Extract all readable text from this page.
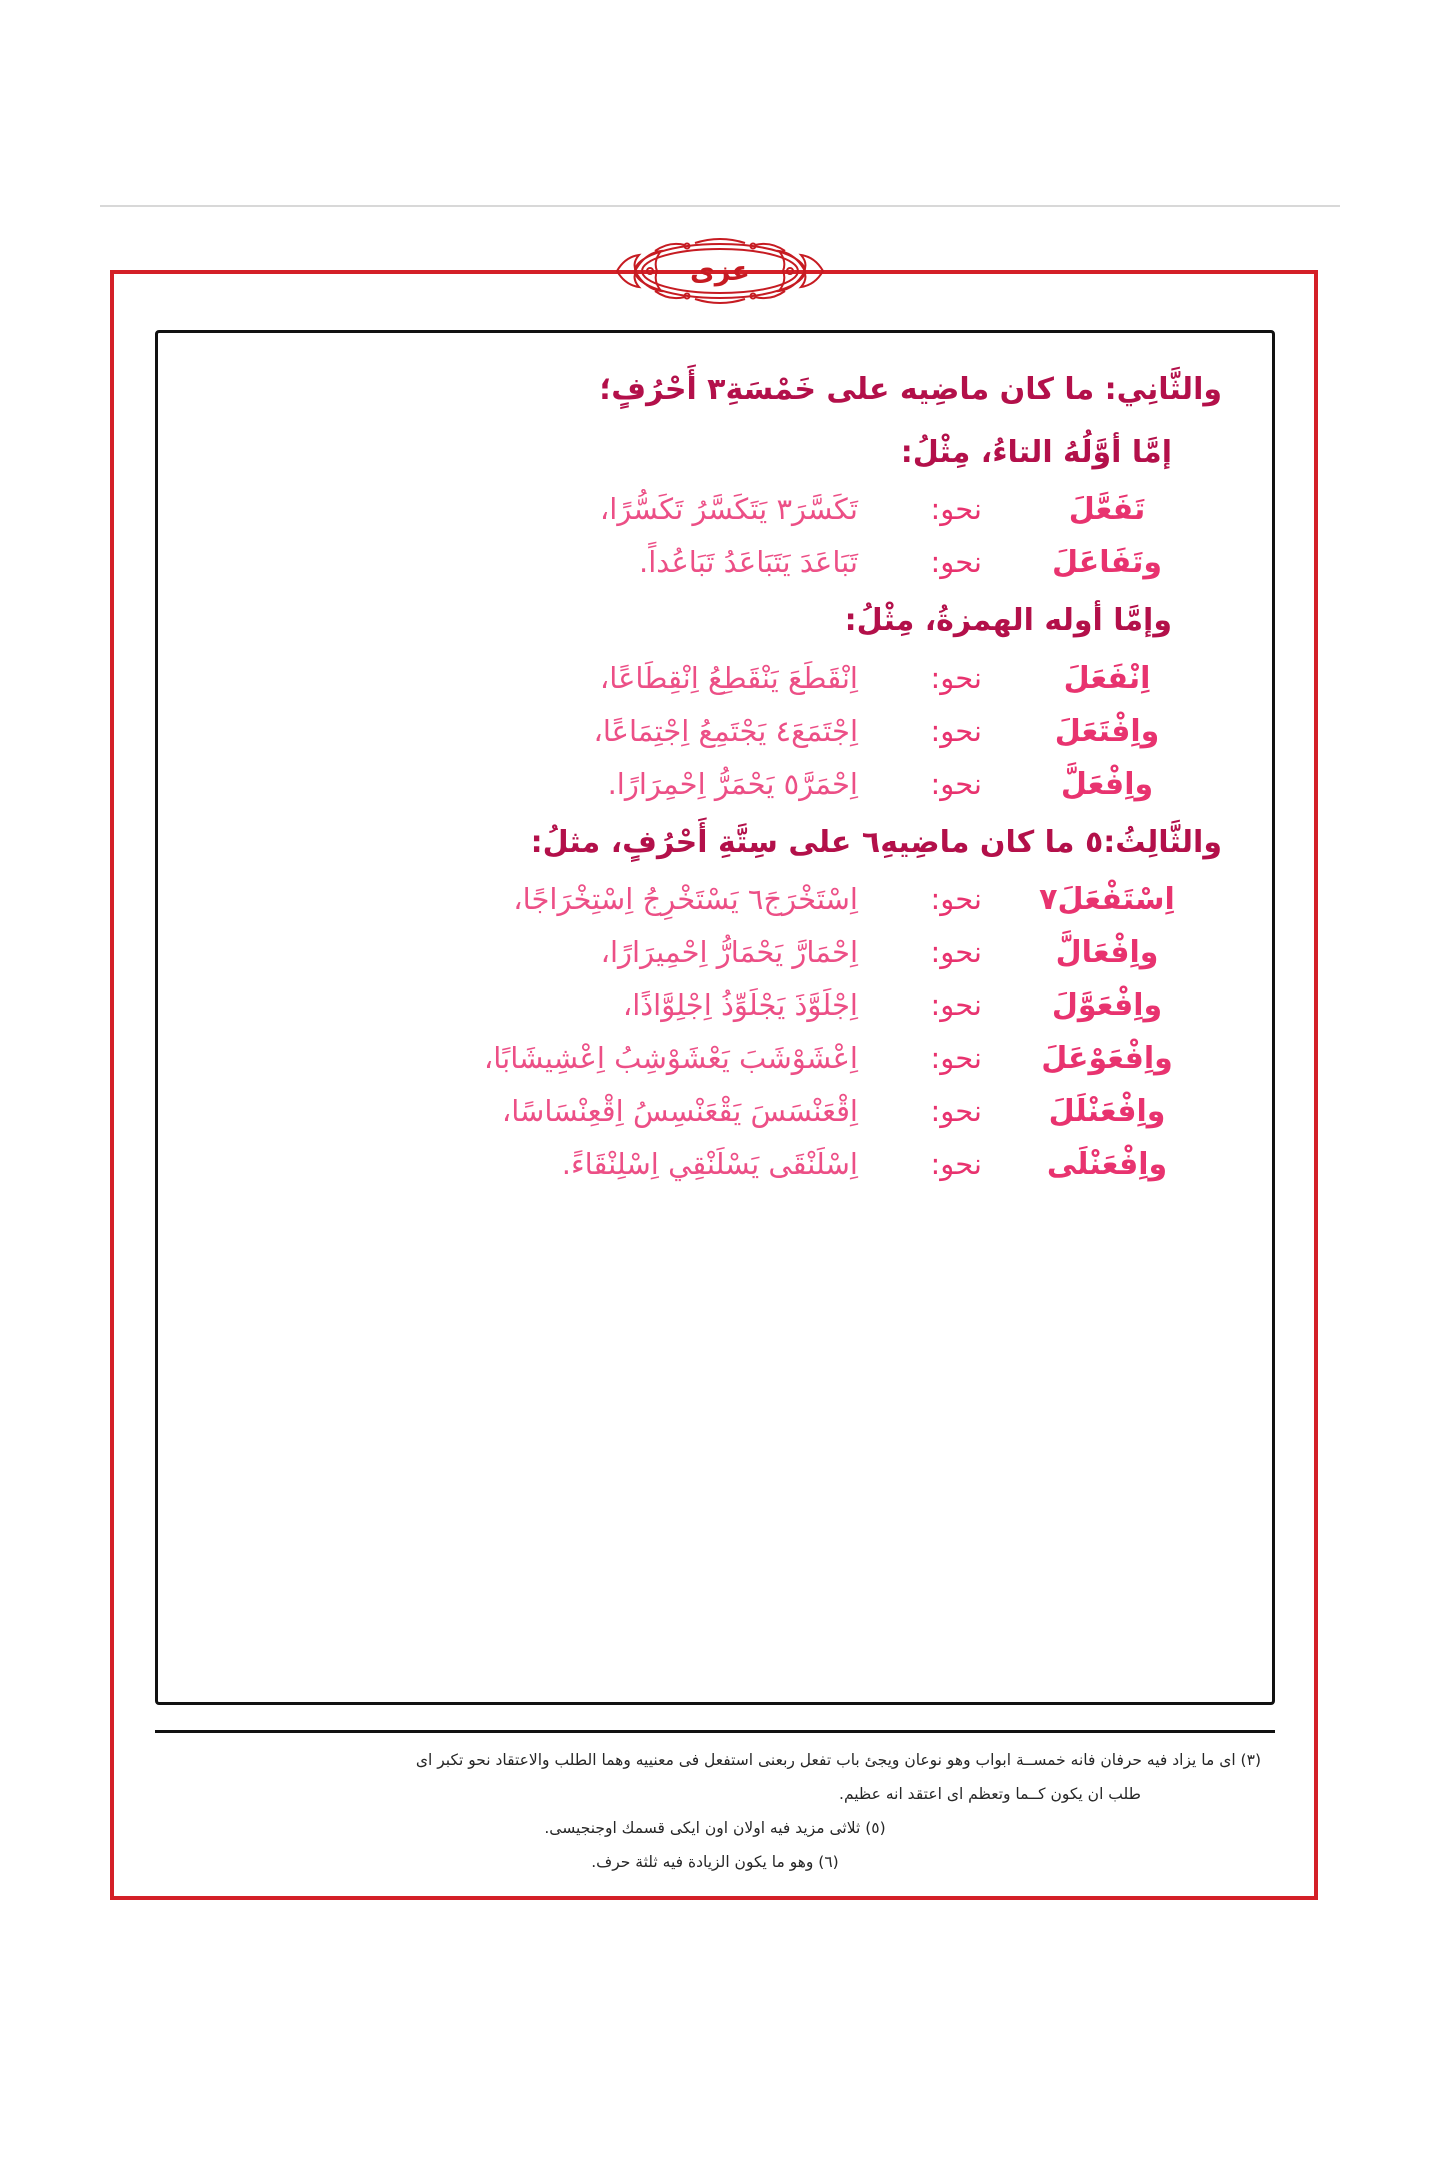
عزى

والثَّانِي: ما كان ماضِيه على خَمْسَةِ٣ أَحْرُفٍ؛

إمَّا أوَّلُهُ التاءُ، مِثْلُ:

تَفَعَّلَ
نحو:
تَكَسَّرَ٣ يَتَكَسَّرُ تَكَسُّرًا،
وتَفَاعَلَ
نحو:
تَبَاعَدَ يَتَبَاعَدُ تَبَاعُداً.

وإمَّا أوله الهمزةُ، مِثْلُ:

اِنْفَعَلَ
نحو:
اِنْقَطَعَ يَنْقَطِعُ اِنْقِطَاعًا،
واِفْتَعَلَ
نحو:
اِجْتَمَعَ٤ يَجْتَمِعُ اِجْتِمَاعًا،
واِفْعَلَّ
نحو:
اِحْمَرَّ٥ يَحْمَرُّ اِحْمِرَارًا.

والثَّالِثُ:٥ ما كان ماضِيهِ٦ على سِتَّةِ أَحْرُفٍ، مثلُ:

اِسْتَفْعَلَ٧
نحو:
اِسْتَخْرَجَ٦ يَسْتَخْرِجُ اِسْتِخْرَاجًا،
واِفْعَالَّ
نحو:
اِحْمَارَّ يَحْمَارُّ اِحْمِيرَارًا،
واِفْعَوَّلَ
نحو:
اِجْلَوَّذَ يَجْلَوِّذُ اِجْلِوَّاذًا،
واِفْعَوْعَلَ
نحو:
اِعْشَوْشَبَ يَعْشَوْشِبُ اِعْشِيشَابًا،
واِفْعَنْلَلَ
نحو:
اِقْعَنْسَسَ يَقْعَنْسِسُ اِقْعِنْسَاسًا،
واِفْعَنْلَى
نحو:
اِسْلَنْقَى يَسْلَنْقِي اِسْلِنْقَاءً.

(٣) اى ما يزاد فيه حرفان فانه خمســة ابواب وهو نوعان ويجئ باب تفعل ربعنى استفعل فى معنييه وهما الطلب والاعتقاد نحو تكبر اى

طلب ان يكون كــما وتعظم اى اعتقد انه عظيم.

(٥) ثلاثى مزيد فيه اولان اون ايكى قسمك اوجنجيسى.

(٦) وهو ما يكون الزيادة فيه ثلثة حرف.
